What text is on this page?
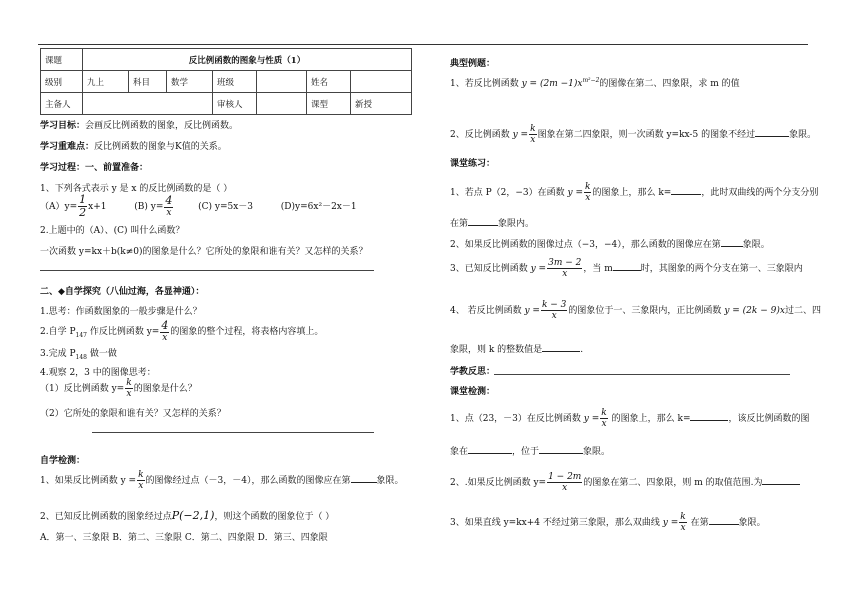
课题	反比例函数的图象与性质（1）						
级别	九上	科目	数学	班级		姓名	
主备人				审核人		课型	新授
学习目标：会画反比例函数的图象，反比例函数。
学习重难点：反比例函数的图象与K值的关系。
学习过程：一、前置准备：
1、下列各式表示 y 是 x 的反比例函数的是（ ）
$(A)y= \frac{1}{2} x+1$	(B) $y= \frac{4}{x}$	(C) y=5x－3	(D)y=6x²－2x－1
2.上题中的（A）、(C) 叫什么函数？
一次函数 y=kx＋b(k≠0)的图象是什么？它所处的象限和谁有关？又怎样的关系？
二、◆自学探究（八仙过海，各显神通）：
1.思考：作函数图象的一般步骤是什么？
2.自学 $P_{147}$ 作反比例函数 $y= \frac{4}{x}$ 的图象的整个过程，将表格内容填上。
3.完成 $P_{148}$ 做一做
4.观察 2，3 中的图像思考：
（1）反比例函数 $y= \frac{k}{x}$ 的图象是什么？
（2）它所处的象限和谁有关？又怎样的关系？
自学检测：
1、如果反比例函数 $y = \frac{k}{x}$ 的图像经过点（－3，－4），那么函数的图像应在第	象限。
2、已知反比例函数的图象经过点P(−2,1)，则这个函数的图象位于（ ）
A．第一、三象限 B．第二、三象限 C．第二、四象限 D．第三、四象限
典型例题：
1、若反比例函数 $y = (2m -1)x^{m^2-2}$的图像在第二、四象限，求 m 的值
2、反比例函数 $y = \frac{k}{x}$ 图象在第二四象限，则一次函数 y=kx-5 的图象不经过	象限。
课堂练习：
1、若点 P（2，−3）在函数 $y = \frac{k}{x}$ 的图象上，那么 k=	，此时双曲线的两个分支分别
在第	象限内。
2、如果反比例函数的图像过点（−3，−4），那么函数的图像应在第 象限。
3、已知反比例函数 $y = \frac{3m - 2}{x}$ ，当 m	时，其图象的两个分支在第一、三象限内
4、 若反比例函数 $y = \frac{k - 3}{x}$ 的图象位于一、三象限内，正比例函数 y = (2k − 9)x过二、四
象限，则 k 的整数值是	.
学教反思：
课堂检测：
1、点（23，－3）在反比例函数 $y = \frac{k}{x}$ 的图象上，那么 k=	，该反比例函数的图
象在	，位于	象限。
2、.如果反比例函数 $y= \frac{1 - 2m}{x}$ 的图象在第二、四象限，则 m 的取值范围.为
3、如果直线 y=kx+4 不经过第三象限，那么双曲线 $y = \frac{k}{x}$ 在第	象限。
